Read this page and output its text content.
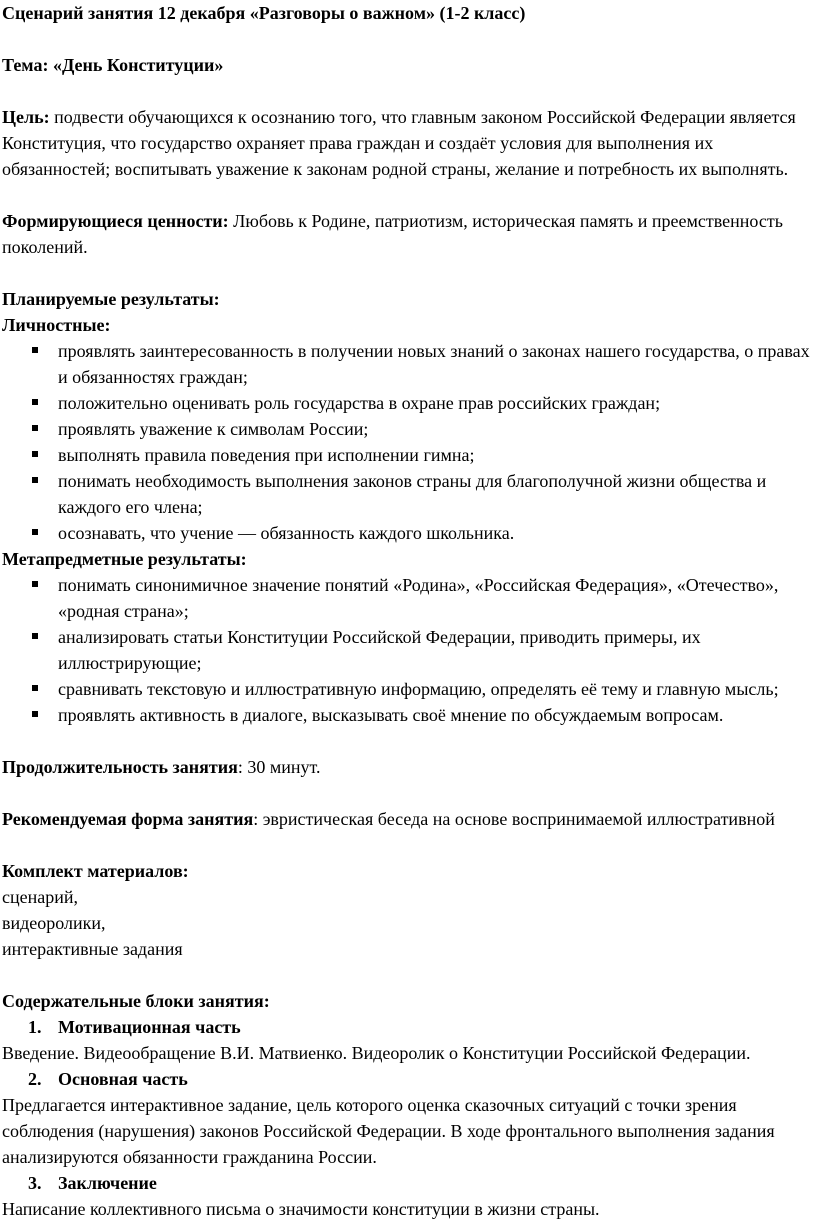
Сценарий занятия 12 декабря «Разговоры о важном» (1-2 класс)

Тема: «День Конституции»

Цель: подвести обучающихся к осознанию того, что главным законом Российской Федерации является Конституция, что государство охраняет права граждан и создаёт условия для выполнения их обязанностей; воспитывать уважение к законам родной страны, желание и потребность их выполнять.

Формирующиеся ценности: Любовь к Родине, патриотизм, историческая память и преемственность поколений.

Планируемые результаты:

Личностные:

проявлять заинтересованность в получении новых знаний о законах нашего государства, о правах и обязанностях граждан;
положительно оценивать роль государства в охране прав российских граждан;
проявлять уважение к символам России;
выполнять правила поведения при исполнении гимна;
понимать необходимость выполнения законов страны для благополучной жизни общества и каждого его члена;
осознавать, что учение — обязанность каждого школьника.

Метапредметные результаты:

понимать синонимичное значение понятий «Родина», «Российская Федерация», «Отечество», «родная страна»;
анализировать статьи Конституции Российской Федерации, приводить примеры, их иллюстрирующие;
сравнивать текстовую и иллюстративную информацию, определять её тему и главную мысль;
проявлять активность в диалоге, высказывать своё мнение по обсуждаемым вопросам.

Продолжительность занятия: 30 минут.

Рекомендуемая форма занятия: эвристическая беседа на основе воспринимаемой иллюстративной

Комплект материалов:

сценарий,

видеоролики,

интерактивные задания

Содержательные блоки занятия:

1. Мотивационная часть

Введение. Видеообращение В.И. Матвиенко. Видеоролик о Конституции Российской Федерации.

2. Основная часть

Предлагается интерактивное задание, цель которого оценка сказочных ситуаций с точки зрения соблюдения (нарушения) законов Российской Федерации. В ходе фронтального выполнения задания анализируются обязанности гражданина России.

3. Заключение

Написание коллективного письма о значимости конституции в жизни страны.
